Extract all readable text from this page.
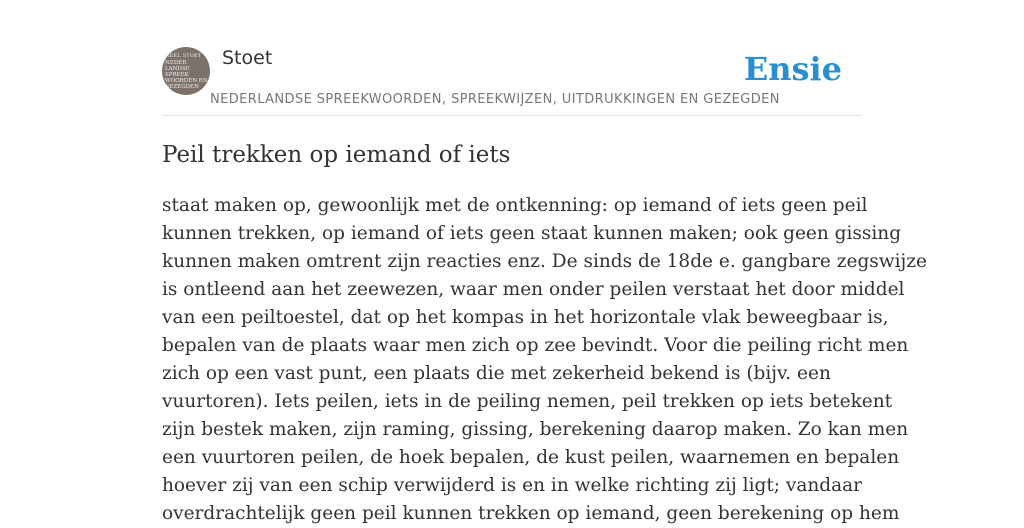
NEEL STOET
NEDER
LANDSE
SPREEK
WOORDEN EN
GEZEGDEN
Stoet
NEDERLANDSE SPREEKWOORDEN, SPREEKWIJZEN, UITDRUKKINGEN EN GEZEGDEN
Ensie
Peil trekken op iemand of iets
staat maken op, gewoonlijk met de ontkenning: op iemand of iets geen peil
kunnen trekken, op iemand of iets geen staat kunnen maken; ook geen gissing
kunnen maken omtrent zijn reacties enz. De sinds de 18de e. gangbare zegswijze
is ontleend aan het zeewezen, waar men onder peilen verstaat het door middel
van een peiltoestel, dat op het kompas in het horizontale vlak beweegbaar is,
bepalen van de plaats waar men zich op zee bevindt. Voor die peiling richt men
zich op een vast punt, een plaats die met zekerheid bekend is (bijv. een
vuurtoren). Iets peilen, iets in de peiling nemen, peil trekken op iets betekent
zijn bestek maken, zijn raming, gissing, berekening daarop maken. Zo kan men
een vuurtoren peilen, de hoek bepalen, de kust peilen, waarnemen en bepalen
hoever zij van een schip verwijderd is en in welke richting zij ligt; vandaar
overdrachtelijk geen peil kunnen trekken op iemand, geen berekening op hem
